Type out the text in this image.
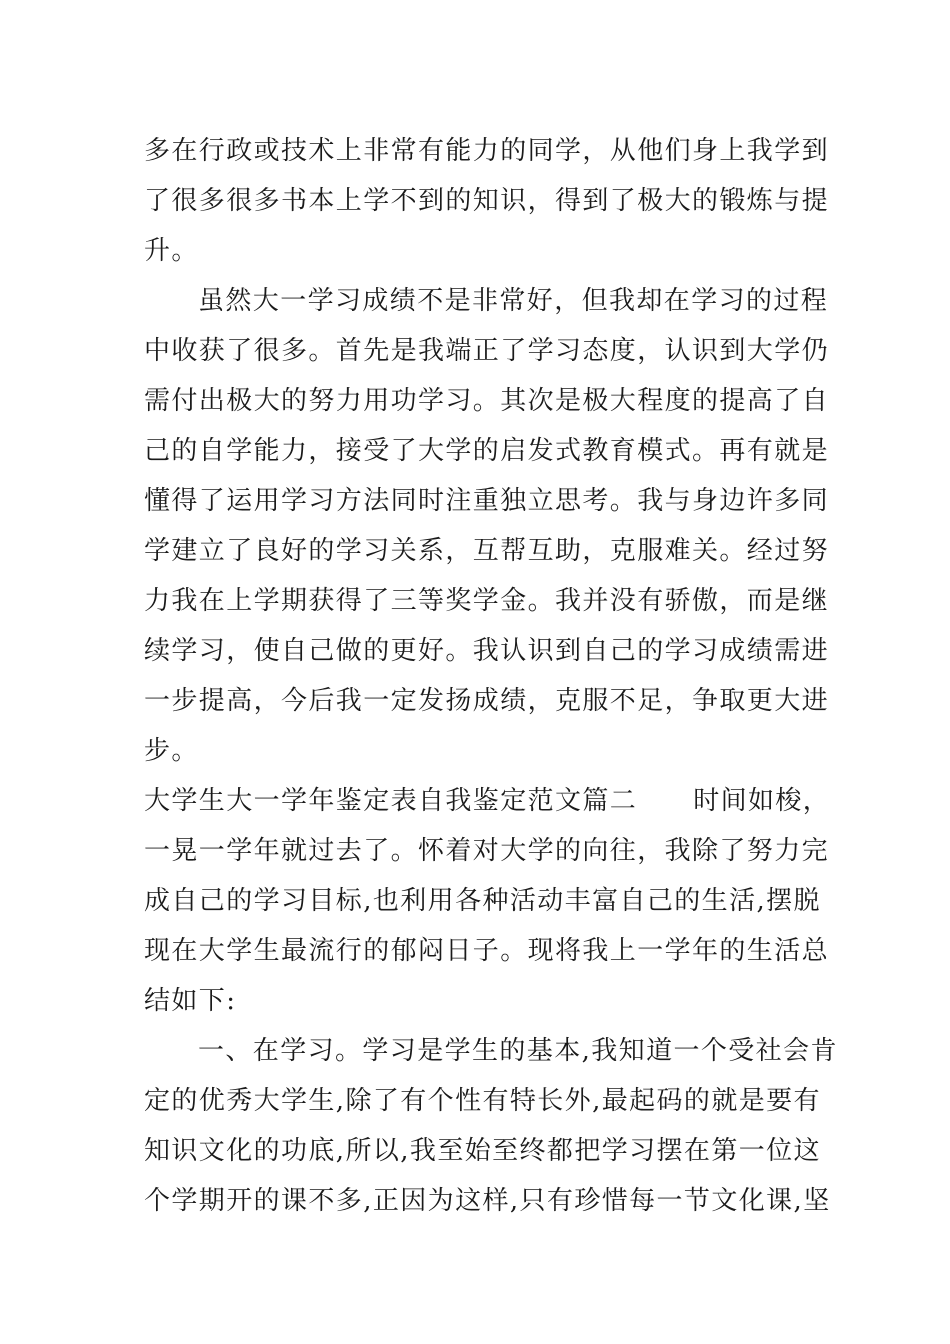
多在行政或技术上非常有能力的同学，从他们身上我学到
了很多很多书本上学不到的知识，得到了极大的锻炼与提
升。
虽然大一学习成绩不是非常好，但我却在学习的过程
中收获了很多。首先是我端正了学习态度，认识到大学仍
需付出极大的努力用功学习。其次是极大程度的提高了自
己的自学能力，接受了大学的启发式教育模式。再有就是
懂得了运用学习方法同时注重独立思考。我与身边许多同
学建立了良好的学习关系，互帮互助，克服难关。经过努
力我在上学期获得了三等奖学金。我并没有骄傲，而是继
续学习，使自己做的更好。我认识到自己的学习成绩需进
一步提高，今后我一定发扬成绩，克服不足，争取更大进
步。
大学生大一学年鉴定表自我鉴定范文篇二 时间如梭，
一晃一学年就过去了。怀着对大学的向往，我除了努力完
成自己的学习目标,也利用各种活动丰富自己的生活,摆脱
现在大学生最流行的郁闷日子。现将我上一学年的生活总
结如下:
一、在学习。学习是学生的基本,我知道一个受社会肯
定的优秀大学生,除了有个性有特长外,最起码的就是要有
知识文化的功底,所以,我至始至终都把学习摆在第一位这
个学期开的课不多,正因为这样,只有珍惜每一节文化课,坚
